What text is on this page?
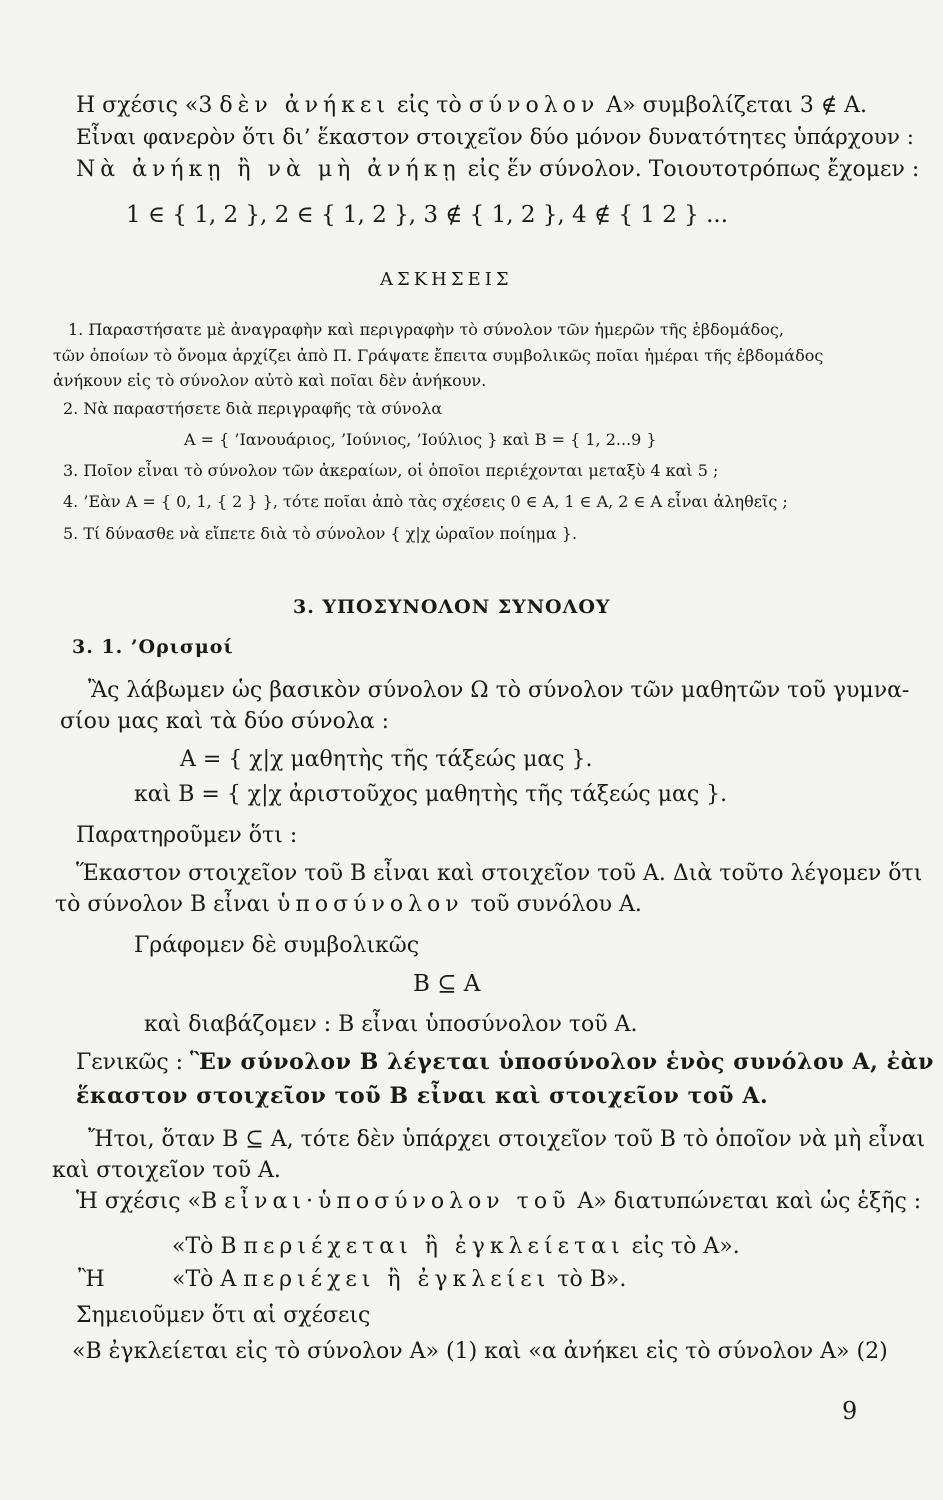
Η σχέσις «3 δὲν ἀνήκει εἰς τὸ σύνολον Α» συμβολίζεται 3 ∉ Α.
Εἶναι φανερὸν ὅτι δι’ ἕκαστον στοιχεῖον δύο μόνον δυνατότητες ὑπάρχουν :
Νὰ ἀνήκῃ ἢ νὰ μὴ ἀνήκῃ εἰς ἕν σύνολον. Τοιουτοτρόπως ἔχομεν :
1 ∈ { 1, 2 }, 2 ∈ { 1, 2 }, 3 ∉ { 1, 2 }, 4 ∉ { 1 2 } ...
ΑΣΚΗΣΕΙΣ
1. Παραστήσατε μὲ ἀναγραφὴν καὶ περιγραφὴν τὸ σύνολον τῶν ἡμερῶν τῆς ἑβδομάδος,
τῶν ὁποίων τὸ ὄνομα ἀρχίζει ἀπὸ Π. Γράψατε ἔπειτα συμβολικῶς ποῖαι ἡμέραι τῆς ἑβδομάδος
ἀνήκουν εἰς τὸ σύνολον αὐτὸ καὶ ποῖαι δὲν ἀνήκουν.
2. Νὰ παραστήσετε διὰ περιγραφῆς τὰ σύνολα
Α = { ’Ιανουάριος, ’Ιούνιος, ’Ιούλιος } καὶ Β = { 1, 2...9 }
3. Ποῖον εἶναι τὸ σύνολον τῶν ἀκεραίων, οἱ ὁποῖοι περιέχονται μεταξὺ 4 καὶ 5 ;
4. ’Εὰν Α = { 0, 1, { 2 } }, τότε ποῖαι ἀπὸ τὰς σχέσεις 0 ∈ Α, 1 ∈ Α, 2 ∈ Α εἶναι ἀληθεῖς ;
5. Τί δύνασθε νὰ εἴπετε διὰ τὸ σύνολον { χ|χ ὡραῖον ποίημα }.
3. ΥΠΟΣΥΝΟΛΟΝ ΣΥΝΟΛΟΥ
3. 1. ’Ορισμοί
Ἂς λάβωμεν ὡς βασικὸν σύνολον Ω τὸ σύνολον τῶν μαθητῶν τοῦ γυμνα-
σίου μας καὶ τὰ δύο σύνολα :
Α = { χ|χ μαθητὴς τῆς τάξεώς μας }.
καὶ Β = { χ|χ ἀριστοῦχος μαθητὴς τῆς τάξεώς μας }.
Παρατηροῦμεν ὅτι :
Ἕκαστον στοιχεῖον τοῦ Β εἶναι καὶ στοιχεῖον τοῦ Α. Διὰ τοῦτο λέγομεν ὅτι
τὸ σύνολον Β εἶναι ὑποσύνολον τοῦ συνόλου Α.
Γράφομεν δὲ συμβολικῶς
Β ⊆ Α
καὶ διαβάζομεν : Β εἶναι ὑποσύνολον τοῦ Α.
Γενικῶς : Ἓν σύνολον Β λέγεται ὑποσύνολον ἑνὸς συνόλου Α, ἐὰν
ἕκαστον στοιχεῖον τοῦ Β εἶναι καὶ στοιχεῖον τοῦ Α.
Ἤτοι, ὅταν Β ⊆ Α, τότε δὲν ὑπάρχει στοιχεῖον τοῦ Β τὸ ὁποῖον νὰ μὴ εἶναι
καὶ στοιχεῖον τοῦ Α.
Ἡ σχέσις «Β εἶναι·ὑποσύνολον τοῦ Α» διατυπώνεται καὶ ὡς ἑξῆς :
«Τὸ Β περιέχεται ἢ ἐγκλείεται εἰς τὸ Α».
Ἢ	«Τὸ Α περιέχει ἢ ἐγκλείει τὸ Β».
Σημειοῦμεν ὅτι αἱ σχέσεις
«Β ἐγκλείεται εἰς τὸ σύνολον Α» (1) καὶ «α ἀνήκει εἰς τὸ σύνολον Α» (2)
9
